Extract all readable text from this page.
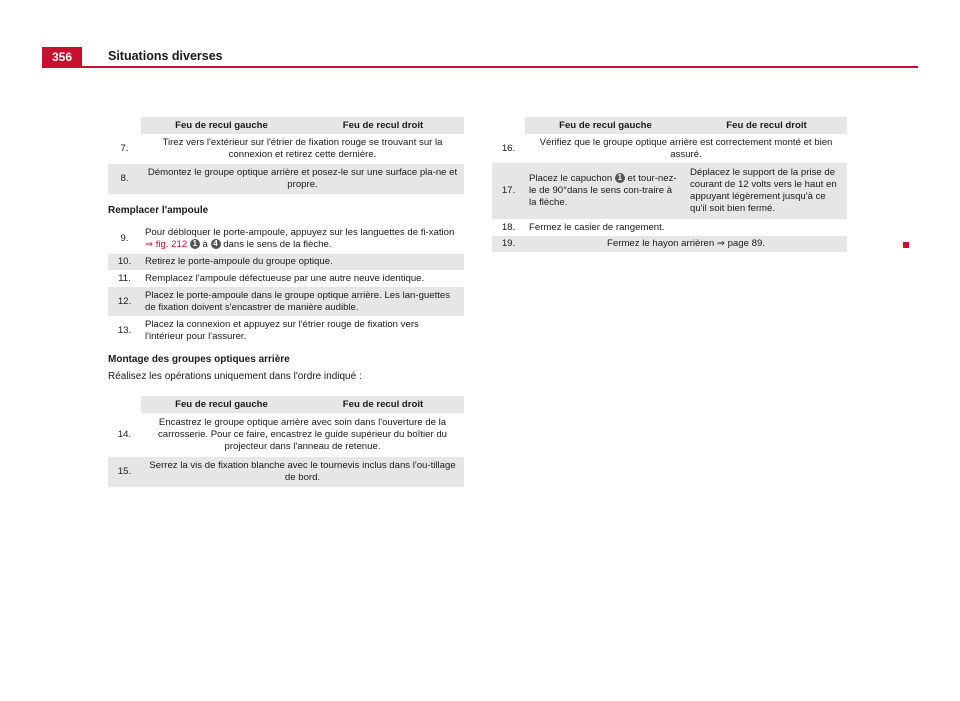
356	Situations diverses
	Feu de recul gauche	Feu de recul droit
7.	Tirez vers l'extérieur sur l'étrier de fixation rouge se trouvant sur la connexion et retirez cette dernière.	
8.	Démontez le groupe optique arrière et posez-le sur une surface pla-ne et propre.	
Remplacer l'ampoule
9.	Pour débloquer le porte-ampoule, appuyez sur les languettes de fi-xation ⇒ fig. 212 1 à 4 dans le sens de la flèche.
10.	Retirez le porte-ampoule du groupe optique.
11.	Remplacez l'ampoule défectueuse par une autre neuve identique.
12.	Placez le porte-ampoule dans le groupe optique arrière. Les lan-guettes de fixation doivent s'encastrer de manière audible.
13.	Placez la connexion et appuyez sur l'étrier rouge de fixation vers l'intérieur pour l'assurer.
Montage des groupes optiques arrière
Réalisez les opérations uniquement dans l'ordre indiqué :
	Feu de recul gauche	Feu de recul droit
14.	Encastrez le groupe optique arrière avec soin dans l'ouverture de la carrosserie. Pour ce faire, encastrez le guide supérieur du boîtier du projecteur dans l'anneau de retenue.	
15.	Serrez la vis de fixation blanche avec le tournevis inclus dans l'ou-tillage de bord.	
	Feu de recul gauche	Feu de recul droit
16.	Vérifiez que le groupe optique arrière est correctement monté et bien assuré.	
17.	Placez le capuchon 1 et tour-nez-le de 90°dans le sens con-traire à la flèche.	Déplacez le support de la prise de courant de 12 volts vers le haut en appuyant légèrement jusqu'à ce qu'il soit bien fermé.
18.	Fermez le casier de rangement.	
19.	Fermez le hayon arrièren ⇒ page 89.	
